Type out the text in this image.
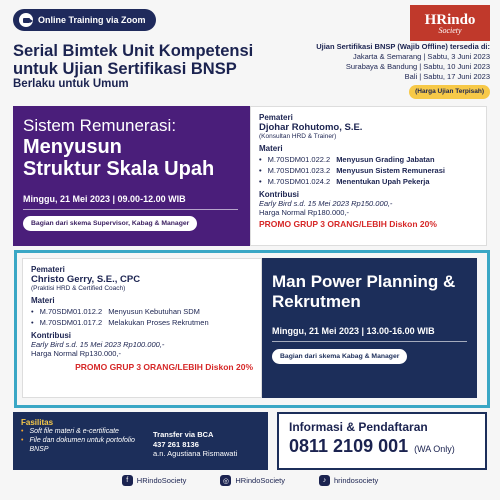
Online Training via Zoom	HRindo
Society
Serial Bimtek Unit Kompetensi
untuk Ujian Sertifikasi BNSP
Berlaku untuk Umum
Ujian Sertifikasi BNSP (Wajib Offline) tersedia di:
Jakarta & Semarang | Sabtu, 3 Juni 2023
Surabaya & Bandung | Sabtu, 10 Juni 2023
Bali | Sabtu, 17 Juni 2023
(Harga Ujian Terpisah)
Sistem Remunerasi:
Menyusun
Struktur Skala Upah
Minggu, 21 Mei 2023 | 09.00-12.00 WIB
Bagian dari skema Supervisor, Kabag & Manager
Pemateri
Djohar Rohutomo, S.E.
(Konsultan HRD & Trainer)
Materi
• M.70SDM01.022.2 Menyusun Grading Jabatan
• M.70SDM01.023.2 Menyusun Sistem Remunerasi
• M.70SDM01.024.2 Menentukan Upah Pekerja
Kontribusi
Early Bird s.d. 15 Mei 2023 Rp150.000,-
Harga Normal Rp180.000,-
PROMO GRUP 3 ORANG/LEBIH Diskon 20%
Pemateri
Christo Gerry, S.E., CPC
(Praktisi HRD & Certified Coach)
Materi
• M.70SDM01.012.2 Menyusun Kebutuhan SDM
• M.70SDM01.017.2 Melakukan Proses Rekrutmen
Kontribusi
Early Bird s.d. 15 Mei 2023 Rp100.000,-
Harga Normal Rp130.000,-
PROMO GRUP 3 ORANG/LEBIH Diskon 20%
Man Power Planning & Rekrutmen
Minggu, 21 Mei 2023 | 13.00-16.00 WIB
Bagian dari skema Kabag & Manager
Fasilitas
• Soft file materi & e-certificate
• File dan dokumen untuk portofolio BNSP
Transfer via BCA
437 261 8136
a.n. Agustiana Rismawati
Informasi & Pendaftaran
0811 2109 001 (WA Only)
f	HRindoSociety	◎ HRindoSociety	♪	hrindosociety
